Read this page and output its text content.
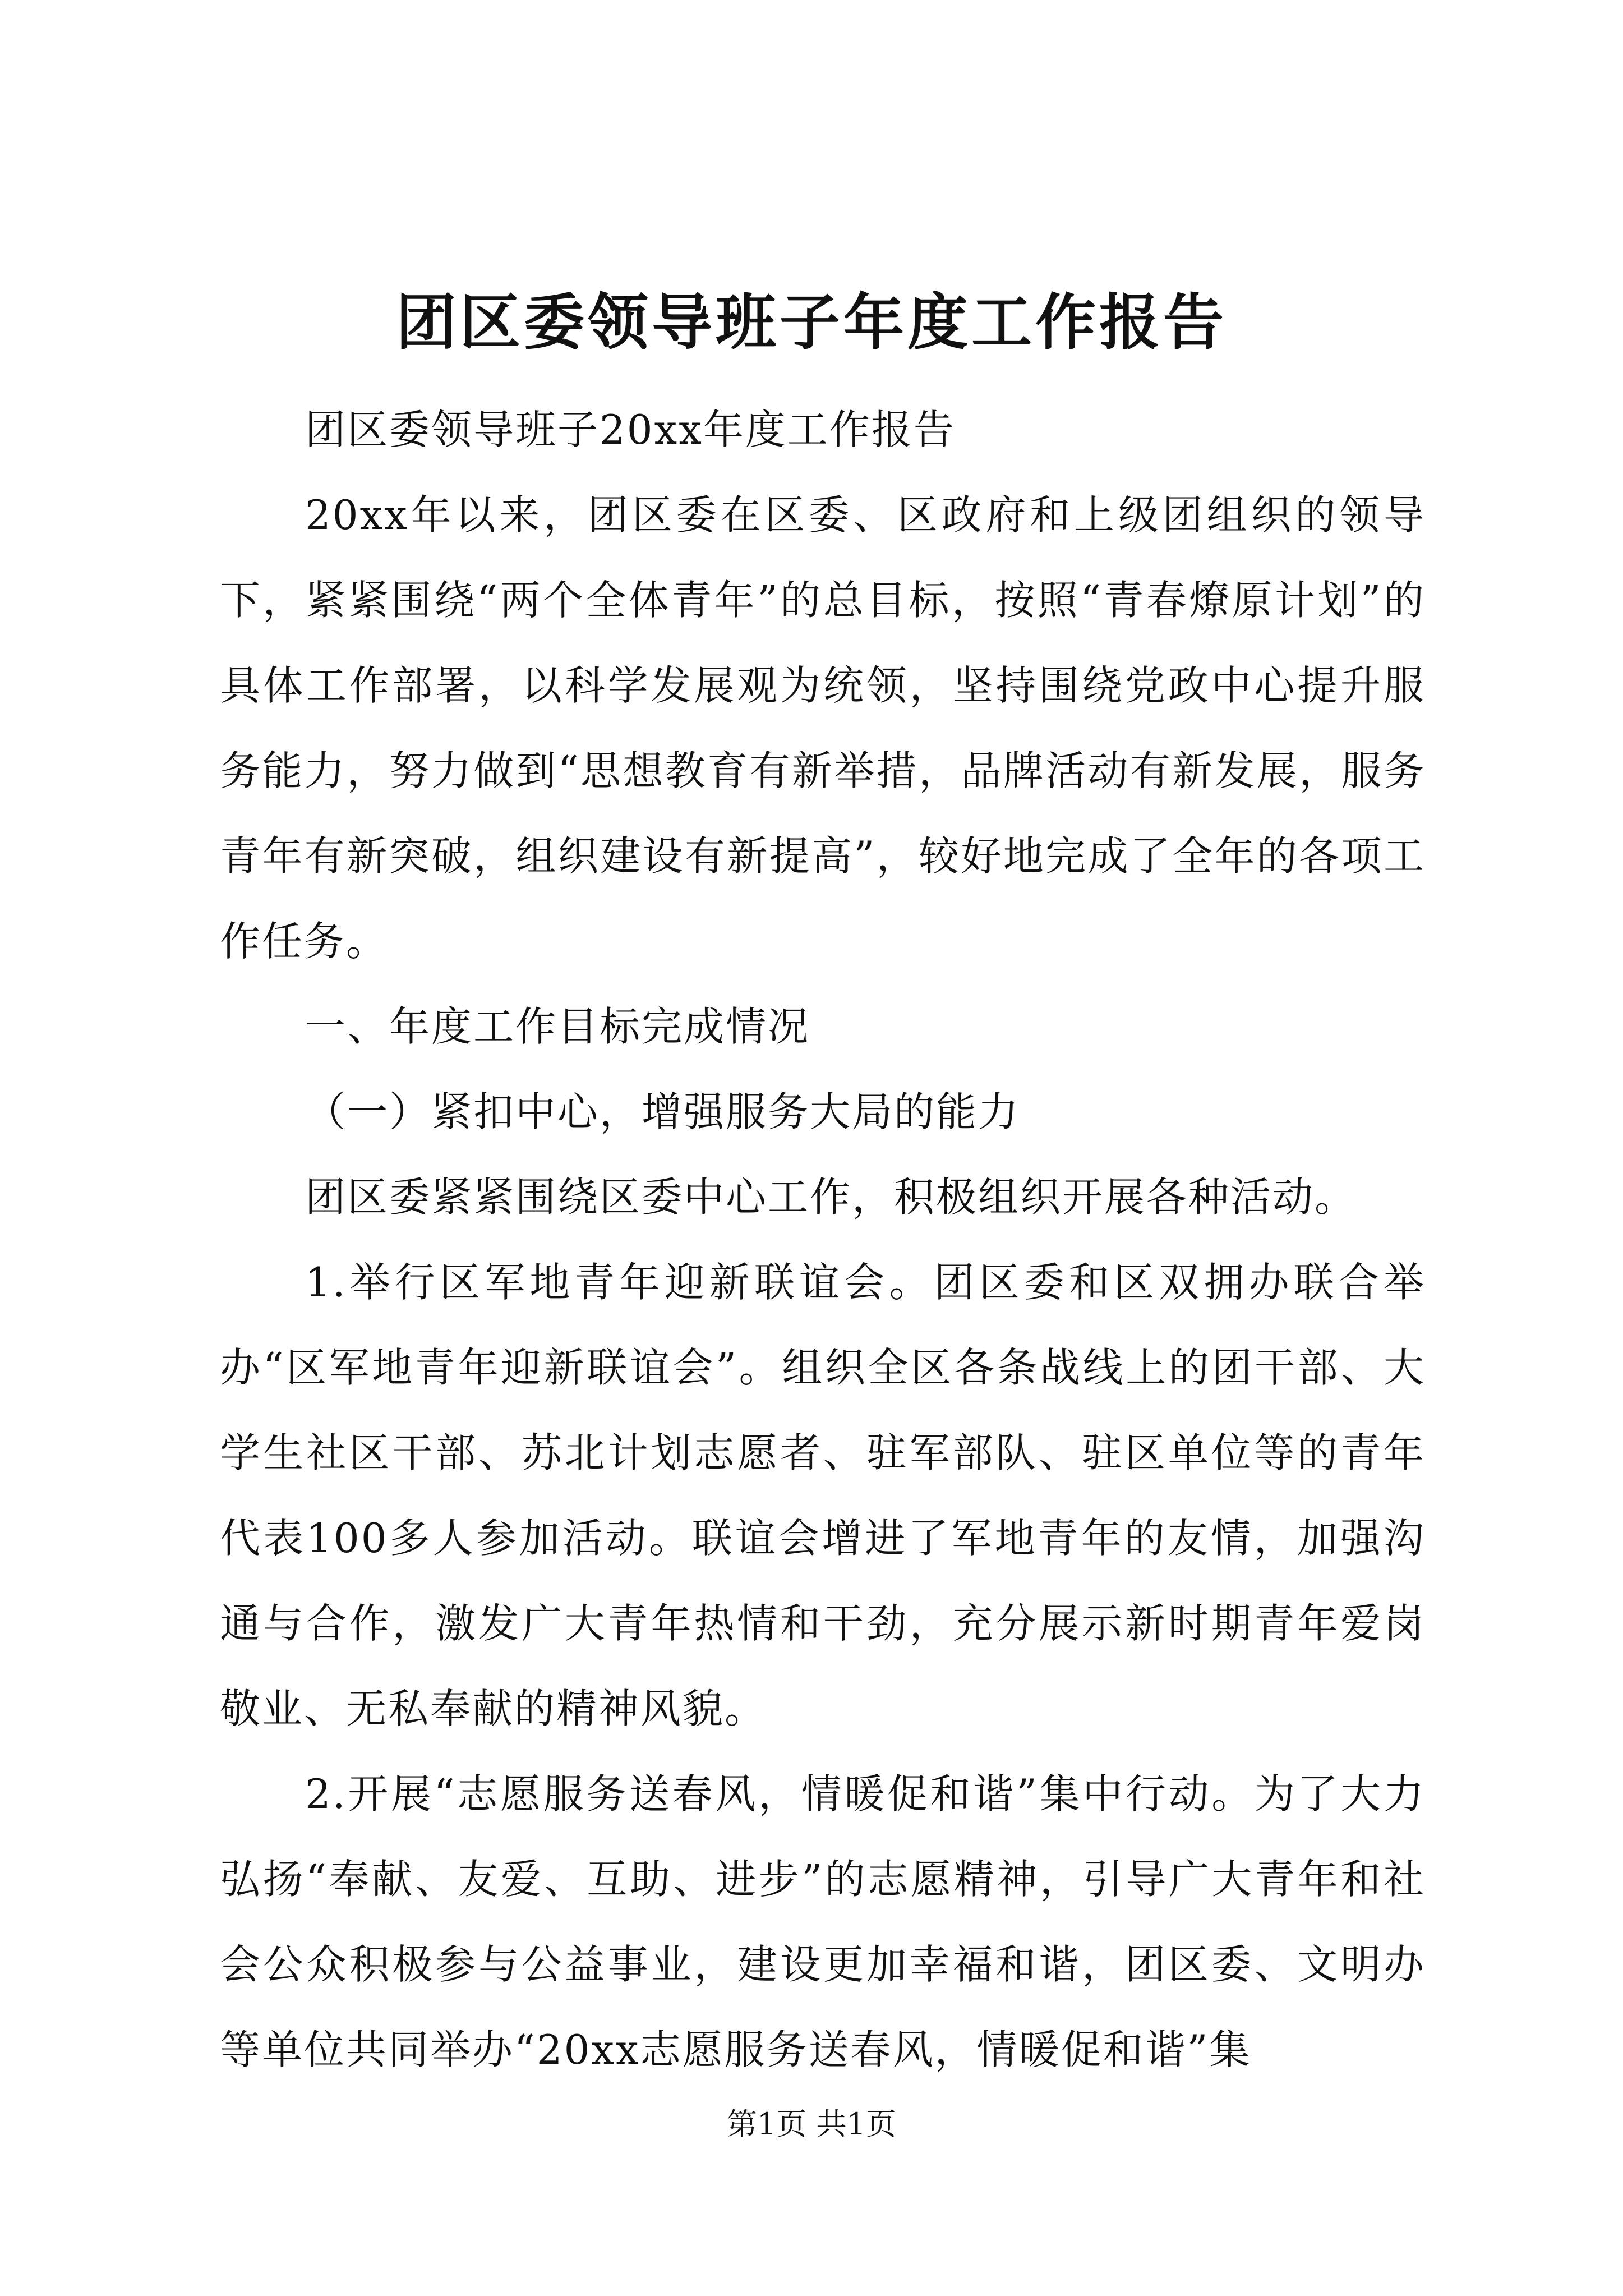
团区委领导班子年度工作报告

团区委领导班子20xx年度工作报告

20xx年以来，团区委在区委、区政府和上级团组织的领导下，紧紧围绕“两个全体青年”的总目标，按照“青春燎原计划”的具体工作部署，以科学发展观为统领，坚持围绕党政中心提升服务能力，努力做到“思想教育有新举措，品牌活动有新发展，服务青年有新突破，组织建设有新提高”，较好地完成了全年的各项工作任务。

一、年度工作目标完成情况

（一）紧扣中心，增强服务大局的能力

团区委紧紧围绕区委中心工作，积极组织开展各种活动。

1.举行区军地青年迎新联谊会。团区委和区双拥办联合举办“区军地青年迎新联谊会”。组织全区各条战线上的团干部、大学生社区干部、苏北计划志愿者、驻军部队、驻区单位等的青年代表100多人参加活动。联谊会增进了军地青年的友情，加强沟通与合作，激发广大青年热情和干劲，充分展示新时期青年爱岗敬业、无私奉献的精神风貌。

2.开展“志愿服务送春风，情暖促和谐”集中行动。为了大力弘扬“奉献、友爱、互助、进步”的志愿精神，引导广大青年和社会公众积极参与公益事业，建设更加幸福和谐，团区委、文明办等单位共同举办“20xx志愿服务送春风，情暖促和谐”集

第1页 共1页
